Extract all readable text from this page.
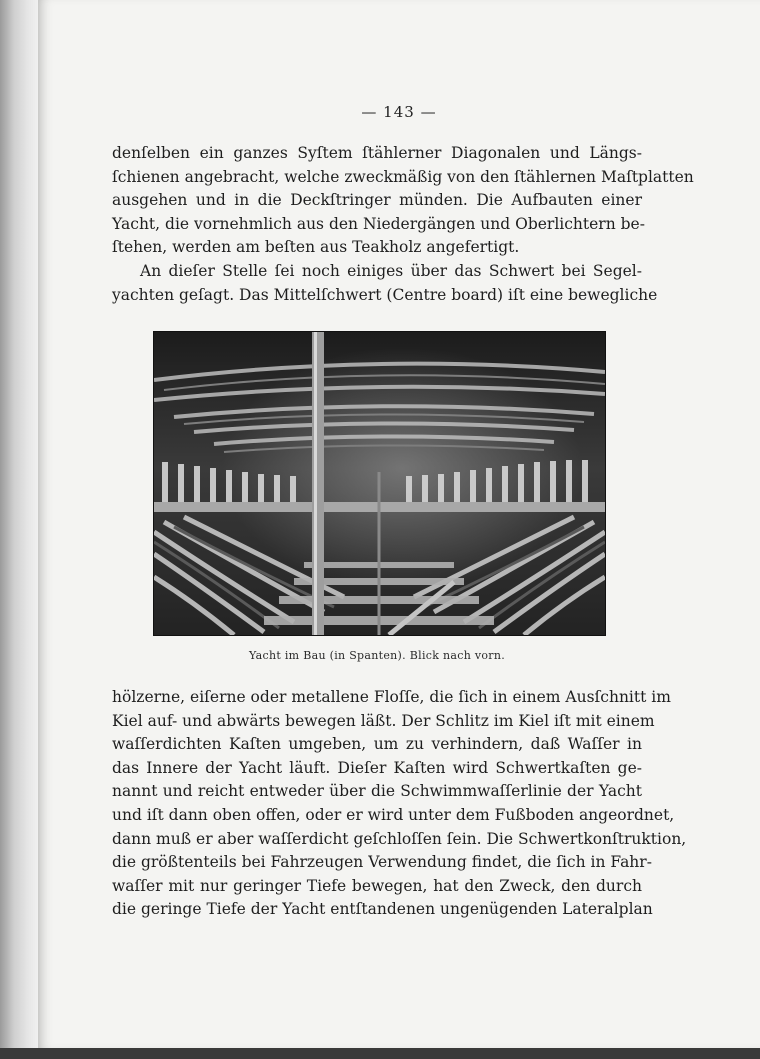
— 143 —
denſelben ein ganzes Syſtem ſtählerner Diagonalen und Längs-
ſchienen angebracht, welche zweckmäßig von den ſtählernen Maſtplatten
ausgehen und in die Deckſtringer münden. Die Aufbauten einer
Yacht, die vornehmlich aus den Niedergängen und Oberlichtern be-
ſtehen, werden am beſten aus Teakholz angefertigt.
An dieſer Stelle ſei noch einiges über das Schwert bei Segel-
yachten geſagt. Das Mittelſchwert (Centre board) iſt eine bewegliche
Yacht im Bau (in Spanten). Blick nach vorn.
hölzerne, eiſerne oder metallene Floſſe, die ſich in einem Ausſchnitt im
Kiel auf- und abwärts bewegen läßt. Der Schlitz im Kiel iſt mit einem
waſſerdichten Kaſten umgeben, um zu verhindern, daß Waſſer in
das Innere der Yacht läuft. Dieſer Kaſten wird Schwertkaſten ge-
nannt und reicht entweder über die Schwimmwaſſerlinie der Yacht
und iſt dann oben offen, oder er wird unter dem Fußboden angeordnet,
dann muß er aber waſſerdicht geſchloſſen ſein. Die Schwertkonſtruktion,
die größtenteils bei Fahrzeugen Verwendung findet, die ſich in Fahr-
waſſer mit nur geringer Tiefe bewegen, hat den Zweck, den durch
die geringe Tiefe der Yacht entſtandenen ungenügenden Lateralplan
